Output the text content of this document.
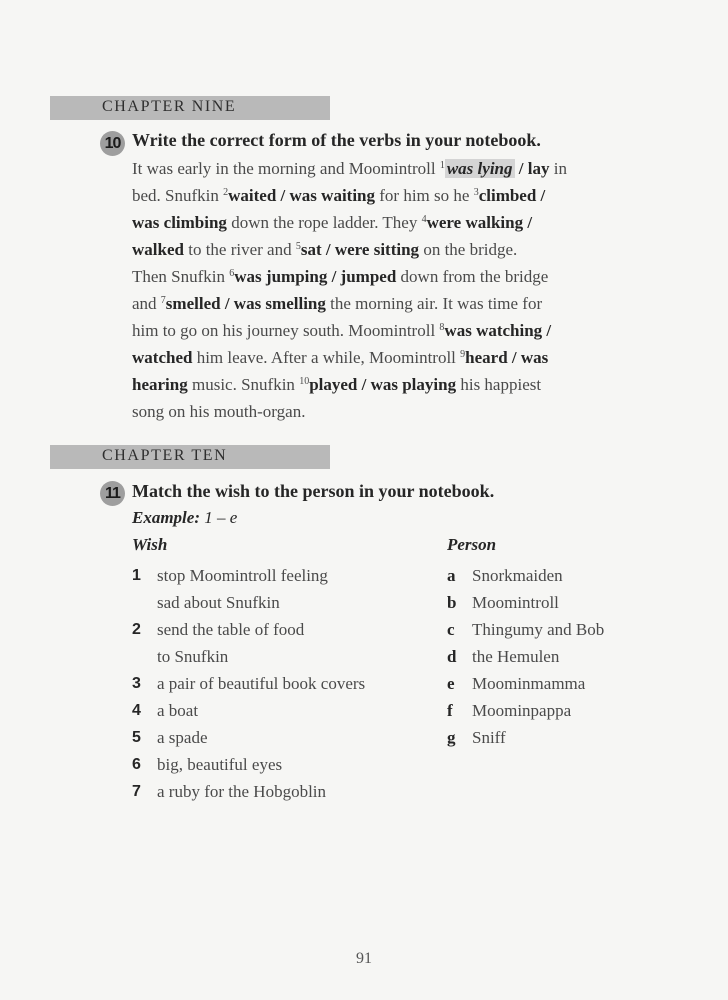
CHAPTER NINE
10 Write the correct form of the verbs in your notebook.
It was early in the morning and Moomintroll $^1$ was lying / lay in
bed. Snufkin $^2$waited / was waiting for him so he $^3$climbed /
was climbing down the rope ladder. They $^4$were walking /
walked to the river and $^5$sat / were sitting on the bridge.
Then Snufkin $^6$was jumping / jumped down from the bridge
and $^7$smelled / was smelling the morning air. It was time for
him to go on his journey south. Moomintroll $^8$was watching /
watched him leave. After a while, Moomintroll $^9$heard / was
hearing music. Snufkin $^{10}$played / was playing his happiest
song on his mouth-organ.
CHAPTER TEN
11 Match the wish to the person in your notebook.
Example: 1 – e
Wish	Person
1 stop Moomintroll feeling
sad about Snufkin
2 send the table of food
to Snufkin
3 a pair of beautiful book covers
4 a boat
5 a spade
6 big, beautiful eyes
7 a ruby for the Hobgoblin
a Snorkmaiden
b Moomintroll
c Thingumy and Bob
d the Hemulen
e Moominmamma
f Moominpappa
g Sniff
91
